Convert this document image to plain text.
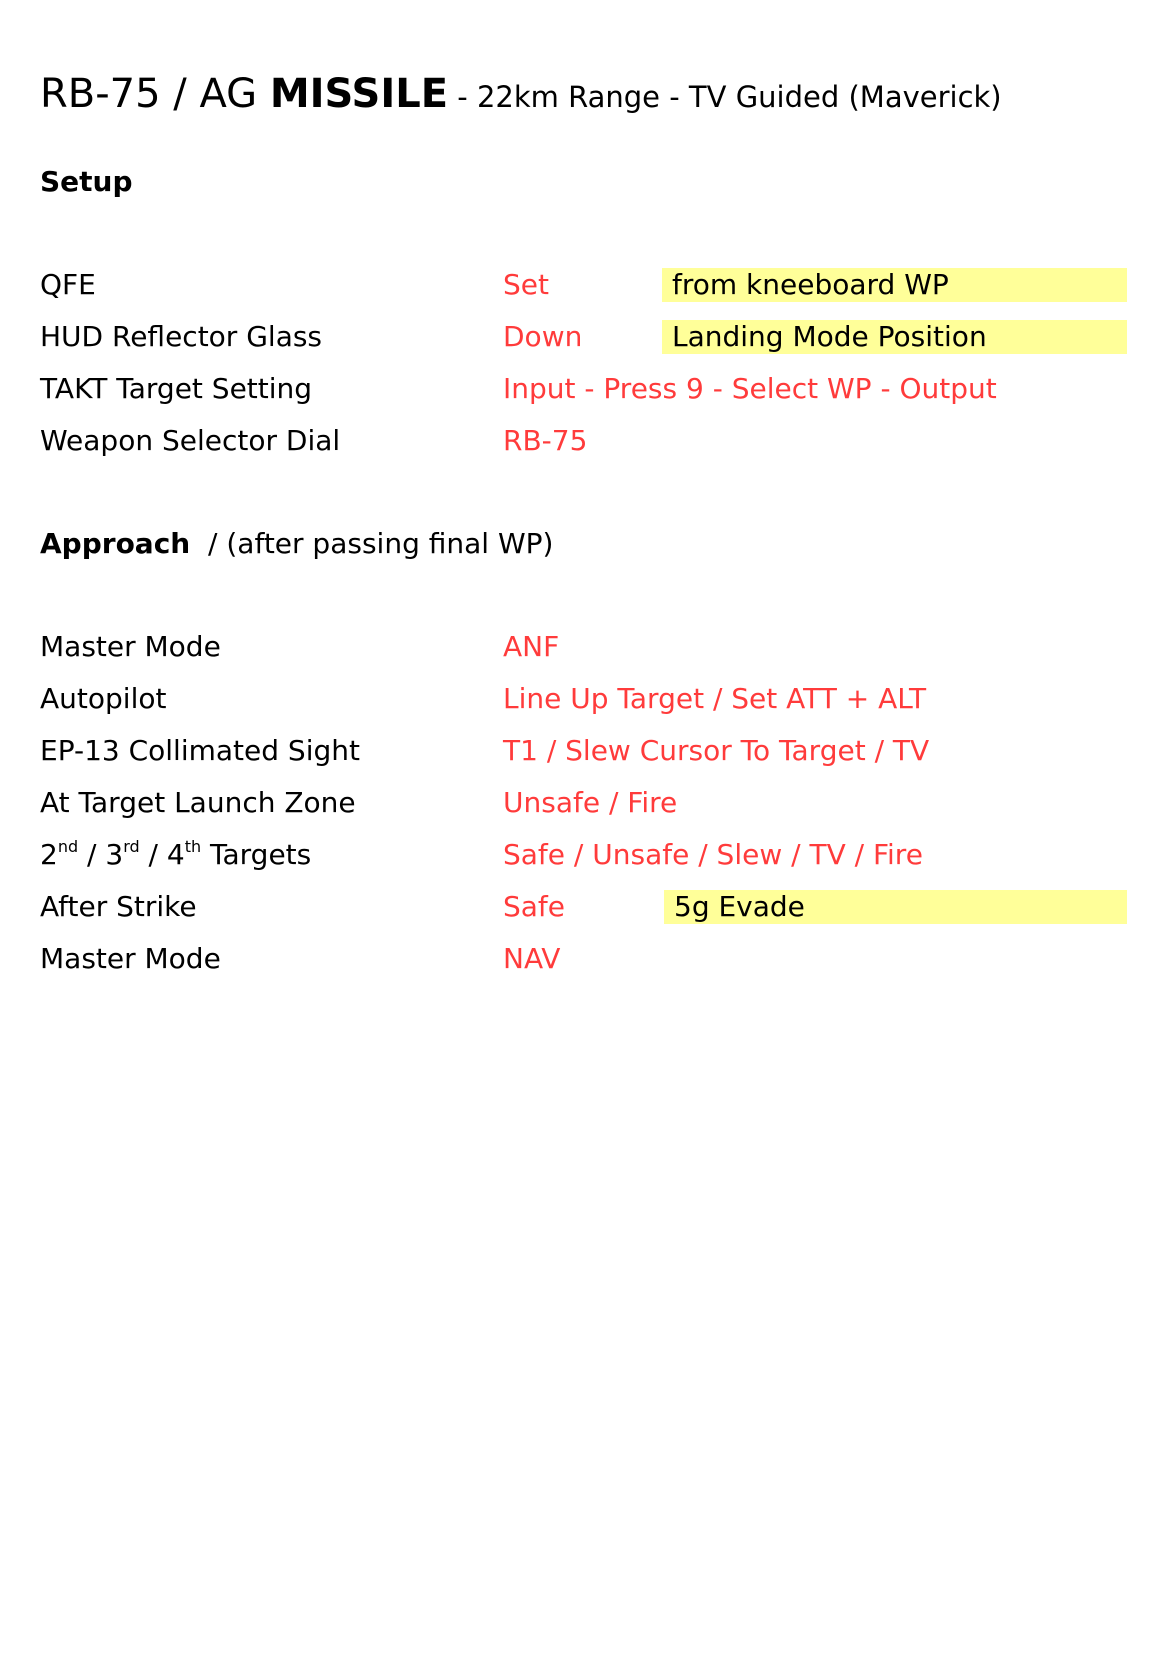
RB-75 / AG MISSILE - 22km Range - TV Guided (Maverick)
Setup
QFE	Set	from kneeboard WP
HUD Reflector Glass	Down	Landing Mode Position
TAKT Target Setting	Input - Press 9 - Select WP - Output
Weapon Selector Dial	RB-75
Approach  / (after passing final WP)
Master Mode	ANF
Autopilot	Line Up Target / Set ATT + ALT
EP-13 Collimated Sight	T1 / Slew Cursor To Target / TV
At Target Launch Zone	Unsafe / Fire
2nd / 3rd / 4th Targets	Safe / Unsafe / Slew / TV / Fire
After Strike	Safe	5g Evade
Master Mode	NAV
